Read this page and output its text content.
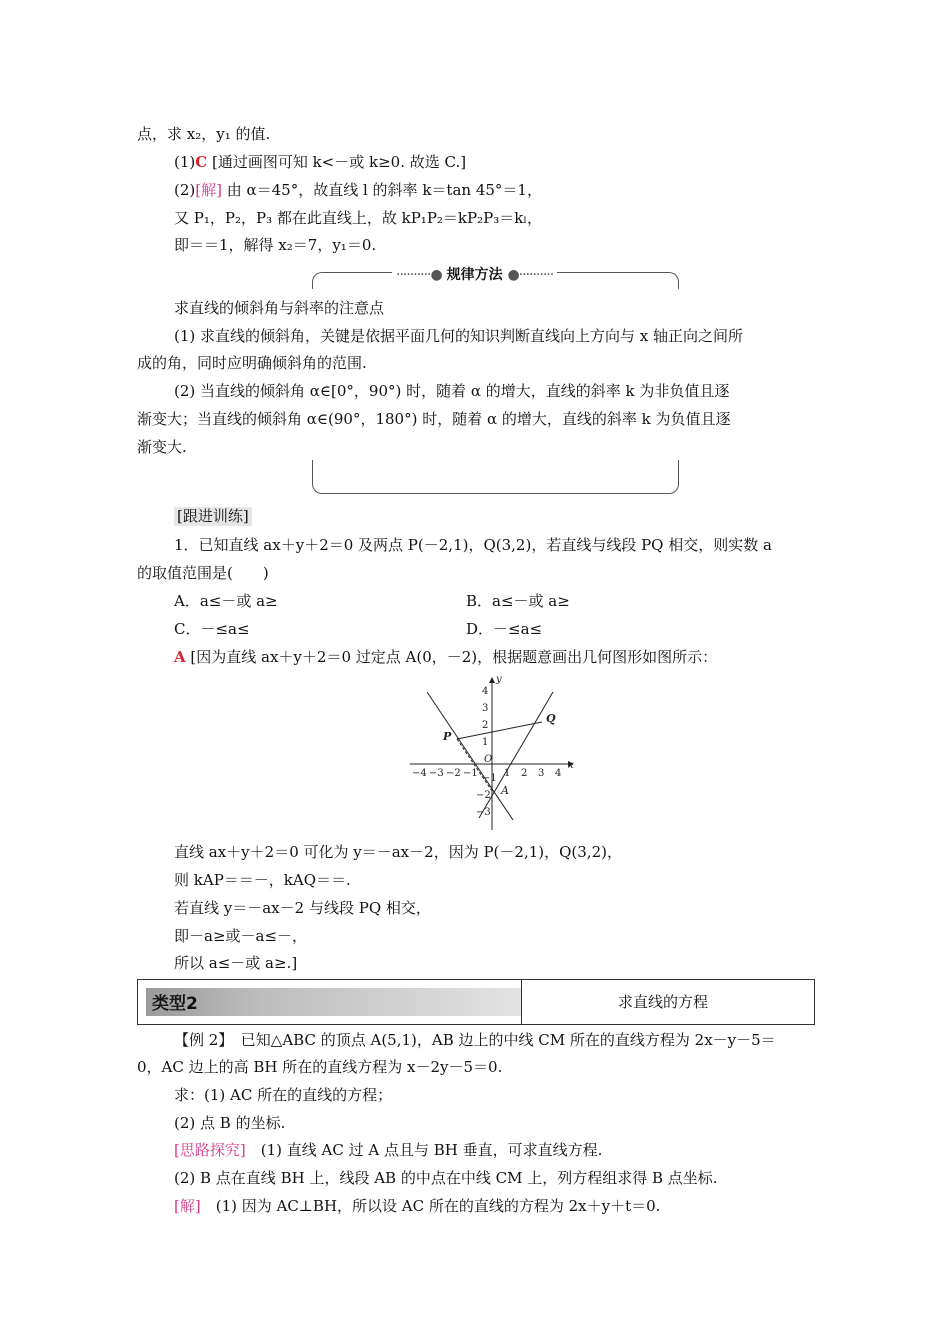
点，求 x₂，y₁ 的值.
(1)C [通过画图可知 k<－或 k≥0. 故选 C.]
(2)[解] 由 α＝45°，故直线 l 的斜率 k＝tan 45°＝1，
又 P₁，P₂，P₃ 都在此直线上，故 kP₁P₂＝kP₂P₃＝kₗ，
即＝＝1，解得 x₂＝7，y₁＝0.
··········● 规律方法 ●··········
求直线的倾斜角与斜率的注意点
(1) 求直线的倾斜角，关键是依据平面几何的知识判断直线向上方向与 x 轴正向之间所
成的角，同时应明确倾斜角的范围.
(2) 当直线的倾斜角 α∈[0°，90°) 时，随着 α 的增大，直线的斜率 k 为非负值且逐
渐变大；当直线的倾斜角 α∈(90°，180°) 时，随着 α 的增大，直线的斜率 k 为负值且逐
渐变大.
[跟进训练]
1．已知直线 ax＋y＋2＝0 及两点 P(－2,1)，Q(3,2)，若直线与线段 PQ 相交，则实数 a
的取值范围是(　　)
A．a≤－或 a≥	B．a≤－或 a≥
C．－≤a≤	D．－≤a≤
A [因为直线 ax＋y＋2＝0 过定点 A(0，－2)，根据题意画出几何图形如图所示：
−4 −3 −2 −1
O
1 2 3 4
4
3
2
1
−1
−2
−3
x
y
P
Q
A
直线 ax＋y＋2＝0 可化为 y＝－ax－2，因为 P(－2,1)，Q(3,2)，
则 kAP＝＝－，kAQ＝＝.
若直线 y＝－ax－2 与线段 PQ 相交，
即－a≥或－a≤－，
所以 a≤－或 a≥.]
类型2	求直线的方程
【例 2】　已知△ABC 的顶点 A(5,1)，AB 边上的中线 CM 所在的直线方程为 2x－y－5＝
0，AC 边上的高 BH 所在的直线方程为 x－2y－5＝0.
求：(1) AC 所在的直线的方程；
(2) 点 B 的坐标.
[思路探究]　(1) 直线 AC 过 A 点且与 BH 垂直，可求直线方程.
(2) B 点在直线 BH 上，线段 AB 的中点在中线 CM 上，列方程组求得 B 点坐标.
[解]　(1) 因为 AC⊥BH，所以设 AC 所在的直线的方程为 2x＋y＋t＝0.
